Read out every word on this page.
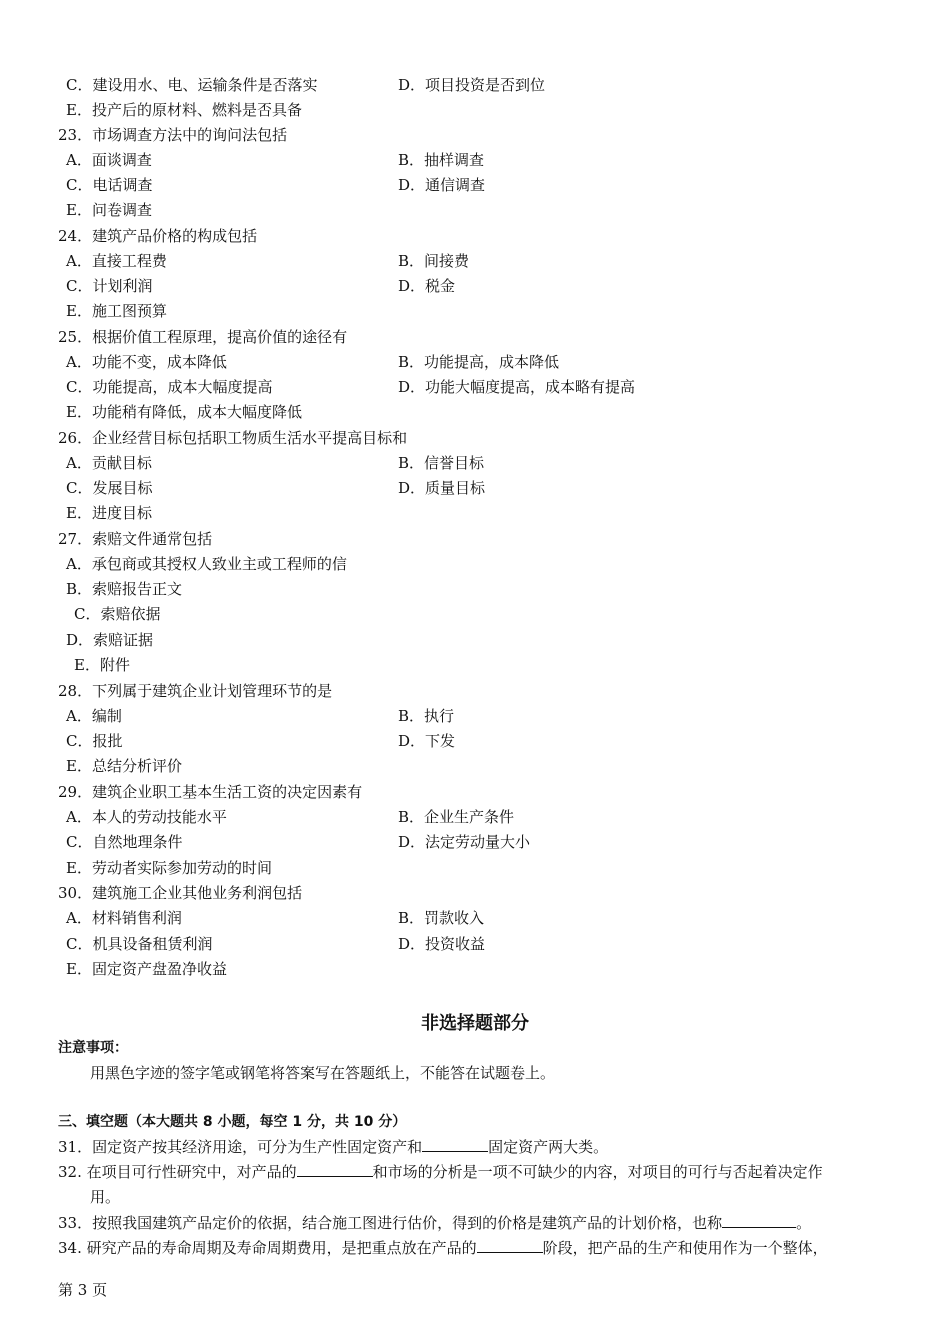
C．建设用水、电、运输条件是否落实	D．项目投资是否到位
E．投产后的原材料、燃料是否具备
23．市场调查方法中的询问法包括
A．面谈调查	B．抽样调查
C．电话调查	D．通信调查
E．问卷调查
24．建筑产品价格的构成包括
A．直接工程费	B．间接费
C．计划利润	D．税金
E．施工图预算
25．根据价值工程原理，提高价值的途径有
A．功能不变，成本降低	B．功能提高，成本降低
C．功能提高，成本大幅度提高	D．功能大幅度提高，成本略有提高
E．功能稍有降低，成本大幅度降低
26．企业经营目标包括职工物质生活水平提高目标和
A．贡献目标	B．信誉目标
C．发展目标	D．质量目标
E．进度目标
27．索赔文件通常包括
A．承包商或其授权人致业主或工程师的信
B．索赔报告正文
C．索赔依据
D．索赔证据
E．附件
28．下列属于建筑企业计划管理环节的是
A．编制	B．执行
C．报批	D．下发
E．总结分析评价
29．建筑企业职工基本生活工资的决定因素有
A．本人的劳动技能水平	B．企业生产条件
C．自然地理条件	D．法定劳动量大小
E．劳动者实际参加劳动的时间
30．建筑施工企业其他业务利润包括
A．材料销售利润	B．罚款收入
C．机具设备租赁利润	D．投资收益
E．固定资产盘盈净收益
非选择题部分
注意事项：
用黑色字迹的签字笔或钢笔将答案写在答题纸上，不能答在试题卷上。
三、填空题（本大题共 8 小题，每空 1 分，共 10 分）
31．固定资产按其经济用途，可分为生产性固定资产和	固定资产两大类。
32. 在项目可行性研究中，对产品的	和市场的分析是一项不可缺少的内容，对项目的可行与否起着决定作
用。
33．按照我国建筑产品定价的依据，结合施工图进行估价，得到的价格是建筑产品的计划价格，也称	。
34. 研究产品的寿命周期及寿命周期费用，是把重点放在产品的	阶段，把产品的生产和使用作为一个整体，
第 3 页
